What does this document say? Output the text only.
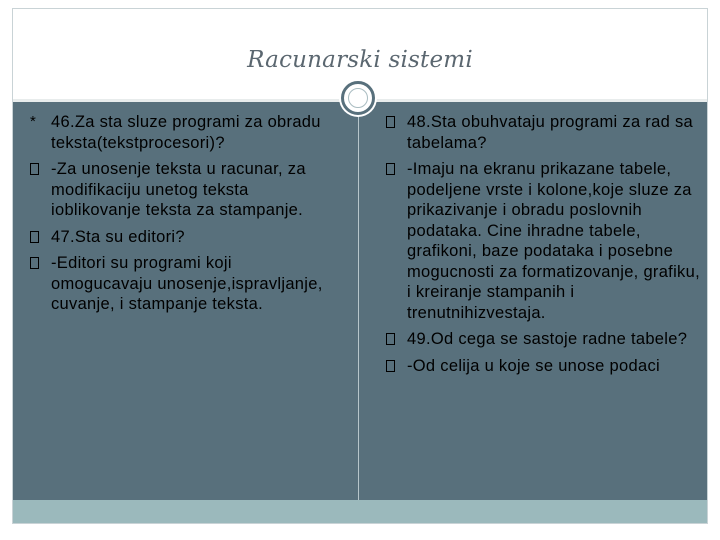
Racunarski sistemi
* 46.Za sta sluze programi za obradu teksta(tekstprocesori)?
-Za unosenje teksta u racunar, za modifikaciju unetog teksta ioblikovanje teksta za stampanje.
47.Sta su editori?
-Editori su programi koji omogucavaju unosenje,ispravljanje, cuvanje, i stampanje teksta.
48.Sta obuhvataju programi za rad sa tabelama?
-Imaju na ekranu prikazane tabele, podeljene vrste i kolone,koje sluze za prikazivanje i obradu poslovnih podataka. Cine ihradne tabele, grafikoni, baze podataka i posebne mogucnosti za formatizovanje, grafiku, i kreiranje stampanih i trenutnihizvestaja.
49.Od cega se sastoje radne tabele?
-Od celija u koje se unose podaci
